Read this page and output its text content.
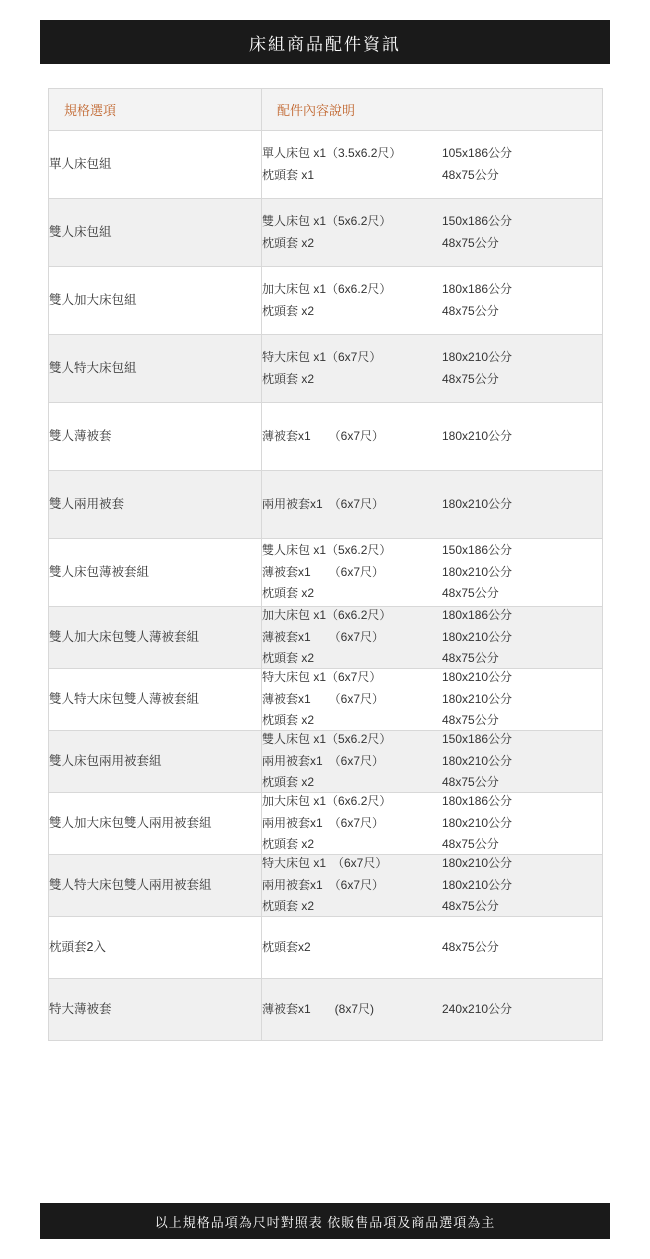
床組商品配件資訊
規格選項	配件內容說明

單人床包組	單人床包 x1（3.5x6.2尺） 105x186公分
枕頭套 x1 48x75公分

雙人床包組	雙人床包 x1（5x6.2尺） 150x186公分
枕頭套 x2 48x75公分

雙人加大床包組	加大床包 x1（6x6.2尺） 180x186公分
枕頭套 x2 48x75公分

雙人特大床包組	特大床包 x1（6x7尺） 180x210公分
枕頭套 x2 48x75公分

雙人薄被套	薄被套x1　　（6x7尺） 180x210公分

雙人兩用被套	兩用被套x1　（6x7尺） 180x210公分

雙人床包薄被套組	
雙人床包 x1（5x6.2尺）	150x186公分
薄被套x1　　（6x7尺）	180x210公分
枕頭套 x2	48x75公分

雙人加大床包雙人薄被套組	
加大床包 x1（6x6.2尺）	180x186公分
薄被套x1　　（6x7尺）	180x210公分
枕頭套 x2	48x75公分

雙人特大床包雙人薄被套組	
特大床包 x1（6x7尺）	180x210公分
薄被套x1　　（6x7尺）	180x210公分
枕頭套 x2	48x75公分

雙人床包兩用被套組	
雙人床包 x1（5x6.2尺）	150x186公分
兩用被套x1　（6x7尺）	180x210公分
枕頭套 x2	48x75公分

雙人加大床包雙人兩用被套組	
加大床包 x1（6x6.2尺）	180x186公分
兩用被套x1　（6x7尺）	180x210公分
枕頭套 x2	48x75公分

雙人特大床包雙人兩用被套組	
特大床包 x1　（6x7尺）	180x210公分
兩用被套x1　（6x7尺）	180x210公分
枕頭套 x2	48x75公分

枕頭套2入	枕頭套x2 48x75公分

特大薄被套	薄被套x1　　(8x7尺) 240x210公分
以上規格品項為尺吋對照表 依販售品項及商品選項為主
